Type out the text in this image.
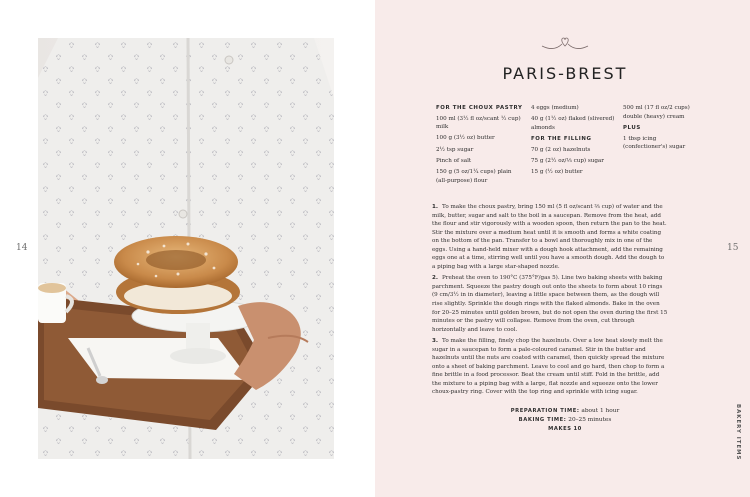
14
PARIS-BREST
FOR THE CHOUX PASTRY
100 ml (3½ fl oz/scant ½ cup) milk
100 g (3½ oz) butter
2½ tsp sugar
Pinch of salt
150 g (5 oz/1¼ cups) plain (all-purpose) flour
4 eggs (medium)
40 g (1½ oz) flaked (slivered) almonds
FOR THE FILLING
70 g (2 oz) hazelnuts
75 g (2½ oz/⅓ cup) sugar
15 g (½ oz) butter
500 ml (17 fl oz/2 cups) double (heavy) cream
PLUS
1 tbsp icing (confectioner's) sugar

1. To make the choux pastry, bring 150 ml (5 fl oz/scant ⅔ cup) of water and the milk, butter, sugar and salt to the boil in a saucepan. Remove from the heat, add the flour and stir vigorously with a wooden spoon, then return the pan to the heat. Stir the mixture over a medium heat until it is smooth and forms a white coating on the bottom of the pan. Transfer to a bowl and thoroughly mix in one of the eggs. Using a hand-held mixer with a dough hook attachment, add the remaining eggs one at a time, stirring well until you have a smooth dough. Add the dough to a piping bag with a large star-shaped nozzle.

2. Preheat the oven to 190°C (375°F/gas 5). Line two baking sheets with baking parchment. Squeeze the pastry dough out onto the sheets to form about 10 rings (9 cm/3½ in in diameter), leaving a little space between them, as the dough will rise slightly. Sprinkle the dough rings with the flaked almonds. Bake in the oven for 20–25 minutes until golden brown, but do not open the oven during the first 15 minutes or the pastry will collapse. Remove from the oven, cut through horizontally and leave to cool.

3. To make the filling, finely chop the hazelnuts. Over a low heat slowly melt the sugar in a saucepan to form a pale-coloured caramel. Stir in the butter and hazelnuts until the nuts are coated with caramel, then quickly spread the mixture onto a sheet of baking parchment. Leave to cool and go hard, then chop to form a fine brittle in a food processor. Beat the cream until stiff. Fold in the brittle, add the mixture to a piping bag with a large, flat nozzle and squeeze onto the lower choux-pastry ring. Cover with the top ring and sprinkle with icing sugar.

PREPARATION TIME: about 1 hour
BAKING TIME: 20–25 minutes
MAKES 10
15
BAKERY ITEMS
